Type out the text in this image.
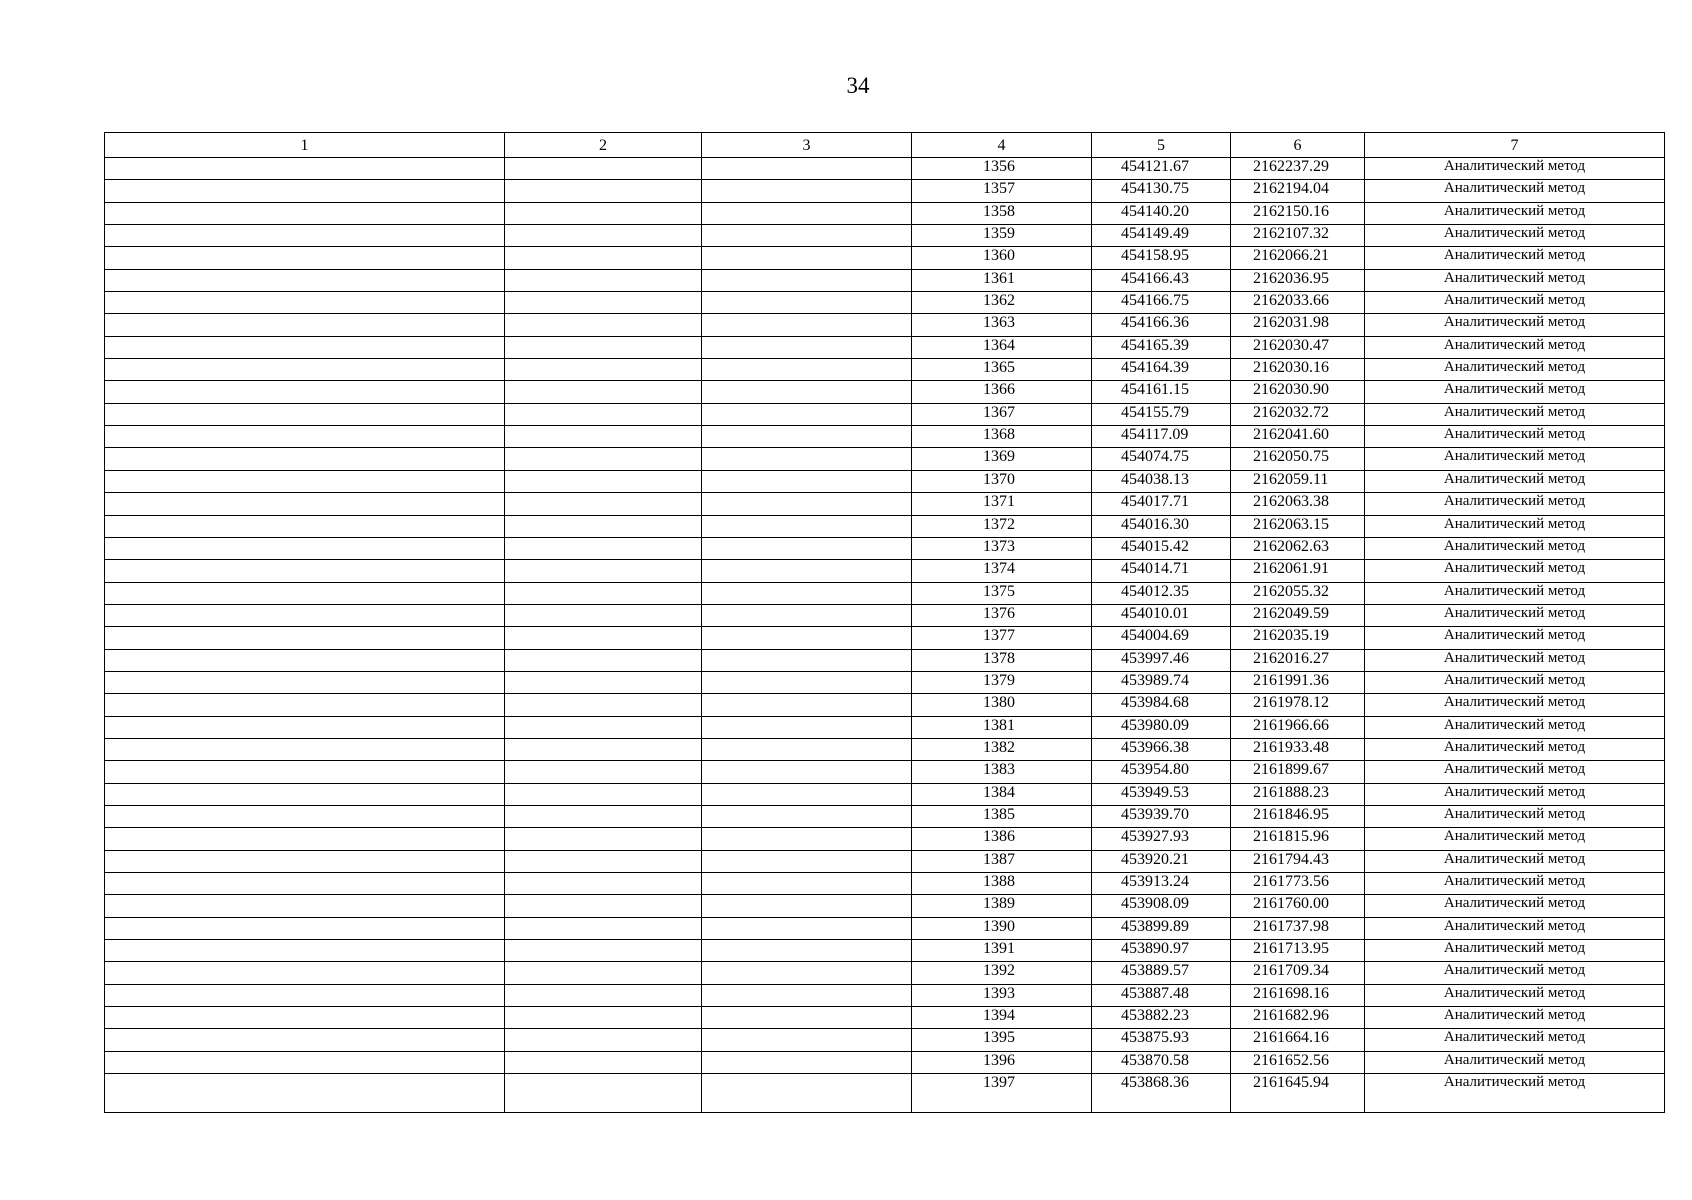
34
1	2	3	4	5	6	7
			1356	454121.67	2162237.29	Аналитический метод
			1357	454130.75	2162194.04	Аналитический метод
			1358	454140.20	2162150.16	Аналитический метод
			1359	454149.49	2162107.32	Аналитический метод
			1360	454158.95	2162066.21	Аналитический метод
			1361	454166.43	2162036.95	Аналитический метод
			1362	454166.75	2162033.66	Аналитический метод
			1363	454166.36	2162031.98	Аналитический метод
			1364	454165.39	2162030.47	Аналитический метод
			1365	454164.39	2162030.16	Аналитический метод
			1366	454161.15	2162030.90	Аналитический метод
			1367	454155.79	2162032.72	Аналитический метод
			1368	454117.09	2162041.60	Аналитический метод
			1369	454074.75	2162050.75	Аналитический метод
			1370	454038.13	2162059.11	Аналитический метод
			1371	454017.71	2162063.38	Аналитический метод
			1372	454016.30	2162063.15	Аналитический метод
			1373	454015.42	2162062.63	Аналитический метод
			1374	454014.71	2162061.91	Аналитический метод
			1375	454012.35	2162055.32	Аналитический метод
			1376	454010.01	2162049.59	Аналитический метод
			1377	454004.69	2162035.19	Аналитический метод
			1378	453997.46	2162016.27	Аналитический метод
			1379	453989.74	2161991.36	Аналитический метод
			1380	453984.68	2161978.12	Аналитический метод
			1381	453980.09	2161966.66	Аналитический метод
			1382	453966.38	2161933.48	Аналитический метод
			1383	453954.80	2161899.67	Аналитический метод
			1384	453949.53	2161888.23	Аналитический метод
			1385	453939.70	2161846.95	Аналитический метод
			1386	453927.93	2161815.96	Аналитический метод
			1387	453920.21	2161794.43	Аналитический метод
			1388	453913.24	2161773.56	Аналитический метод
			1389	453908.09	2161760.00	Аналитический метод
			1390	453899.89	2161737.98	Аналитический метод
			1391	453890.97	2161713.95	Аналитический метод
			1392	453889.57	2161709.34	Аналитический метод
			1393	453887.48	2161698.16	Аналитический метод
			1394	453882.23	2161682.96	Аналитический метод
			1395	453875.93	2161664.16	Аналитический метод
			1396	453870.58	2161652.56	Аналитический метод
			1397	453868.36	2161645.94	Аналитический метод
